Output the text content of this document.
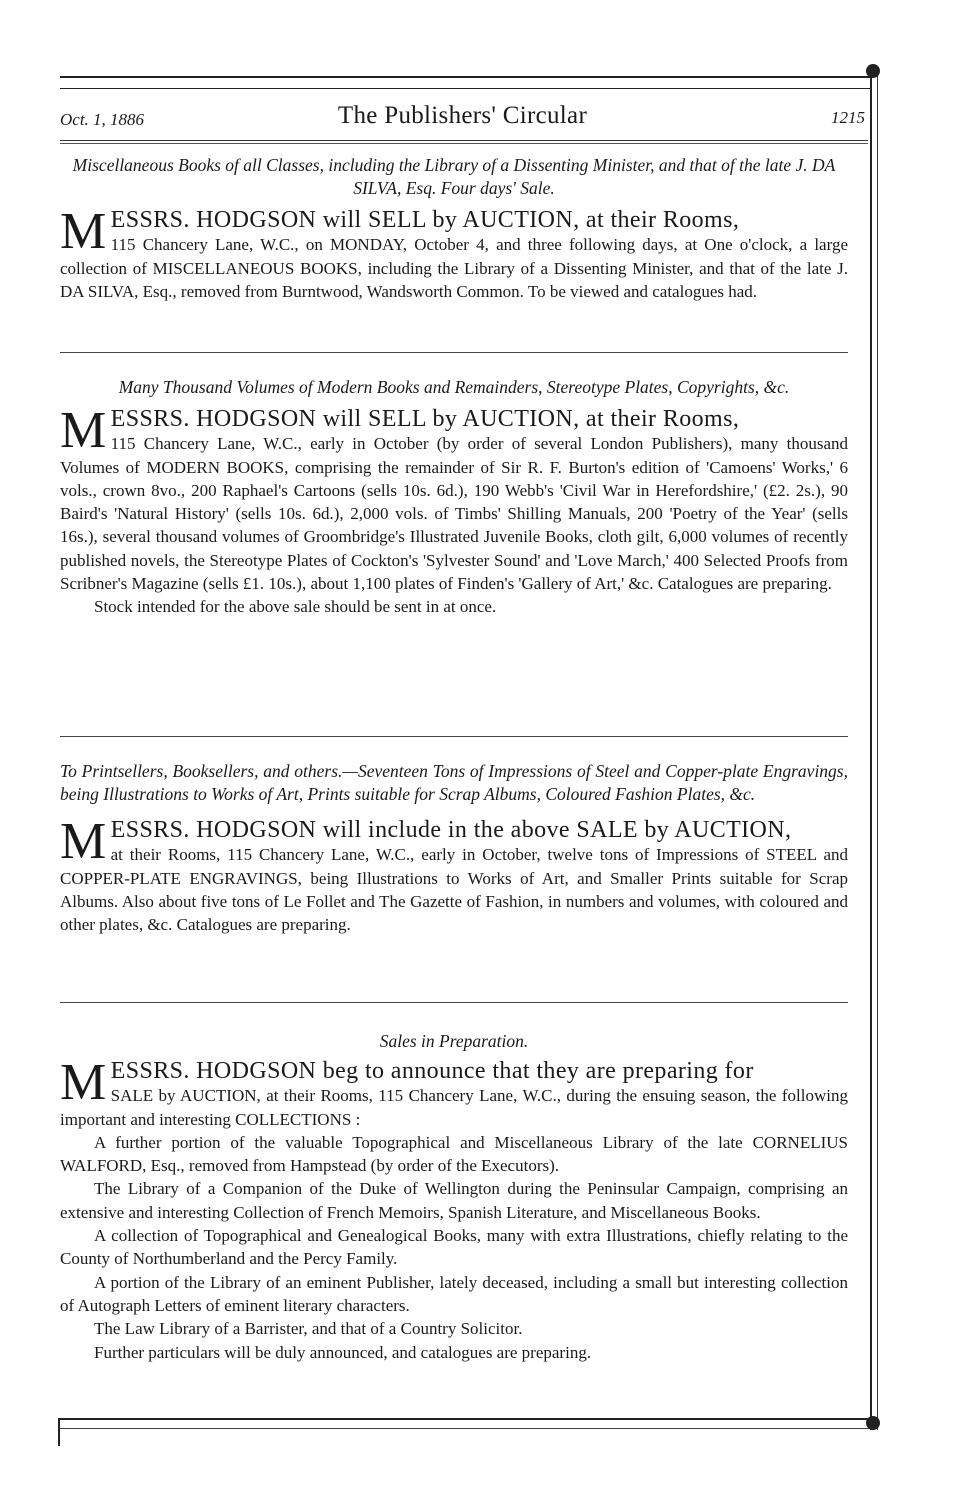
Oct. 1, 1886	The Publishers' Circular	1215

Miscellaneous Books of all Classes, including the Library of a Dissenting Minister, and that of the late J. DA SILVA, Esq. Four days' Sale.

MESSRS. HODGSON will SELL by AUCTION, at their Rooms,
115 Chancery Lane, W.C., on MONDAY, October 4, and three following days, at One o'clock, a large collection of MISCELLANEOUS BOOKS, including the Library of a Dissenting Minister, and that of the late J. DA SILVA, Esq., removed from Burntwood, Wandsworth Common. To be viewed and catalogues had.

Many Thousand Volumes of Modern Books and Remainders, Stereotype Plates, Copyrights, &c.

MESSRS. HODGSON will SELL by AUCTION, at their Rooms,
115 Chancery Lane, W.C., early in October (by order of several London Publishers), many thousand Volumes of MODERN BOOKS, comprising the remainder of Sir R. F. Burton's edition of 'Camoens' Works,' 6 vols., crown 8vo., 200 Raphael's Cartoons (sells 10s. 6d.), 190 Webb's 'Civil War in Herefordshire,' (£2. 2s.), 90 Baird's 'Natural History' (sells 10s. 6d.), 2,000 vols. of Timbs' Shilling Manuals, 200 'Poetry of the Year' (sells 16s.), several thousand volumes of Groombridge's Illustrated Juvenile Books, cloth gilt, 6,000 volumes of recently published novels, the Stereotype Plates of Cockton's 'Sylvester Sound' and 'Love March,' 400 Selected Proofs from Scribner's Magazine (sells £1. 10s.), about 1,100 plates of Finden's 'Gallery of Art,' &c. Catalogues are preparing.

Stock intended for the above sale should be sent in at once.

To Printsellers, Booksellers, and others.—Seventeen Tons of Impressions of Steel and Copper-plate Engravings, being Illustrations to Works of Art, Prints suitable for Scrap Albums, Coloured Fashion Plates, &c.

MESSRS. HODGSON will include in the above SALE by AUCTION,
at their Rooms, 115 Chancery Lane, W.C., early in October, twelve tons of Impressions of STEEL and COPPER-PLATE ENGRAVINGS, being Illustrations to Works of Art, and Smaller Prints suitable for Scrap Albums. Also about five tons of Le Follet and The Gazette of Fashion, in numbers and volumes, with coloured and other plates, &c. Catalogues are preparing.

Sales in Preparation.

MESSRS. HODGSON beg to announce that they are preparing for
SALE by AUCTION, at their Rooms, 115 Chancery Lane, W.C., during the ensuing season, the following important and interesting COLLECTIONS :

A further portion of the valuable Topographical and Miscellaneous Library of the late CORNELIUS WALFORD, Esq., removed from Hampstead (by order of the Executors).

The Library of a Companion of the Duke of Wellington during the Peninsular Campaign, comprising an extensive and interesting Collection of French Memoirs, Spanish Literature, and Miscellaneous Books.

A collection of Topographical and Genealogical Books, many with extra Illustrations, chiefly relating to the County of Northumberland and the Percy Family.

A portion of the Library of an eminent Publisher, lately deceased, including a small but interesting collection of Autograph Letters of eminent literary characters.

The Law Library of a Barrister, and that of a Country Solicitor.

Further particulars will be duly announced, and catalogues are preparing.
